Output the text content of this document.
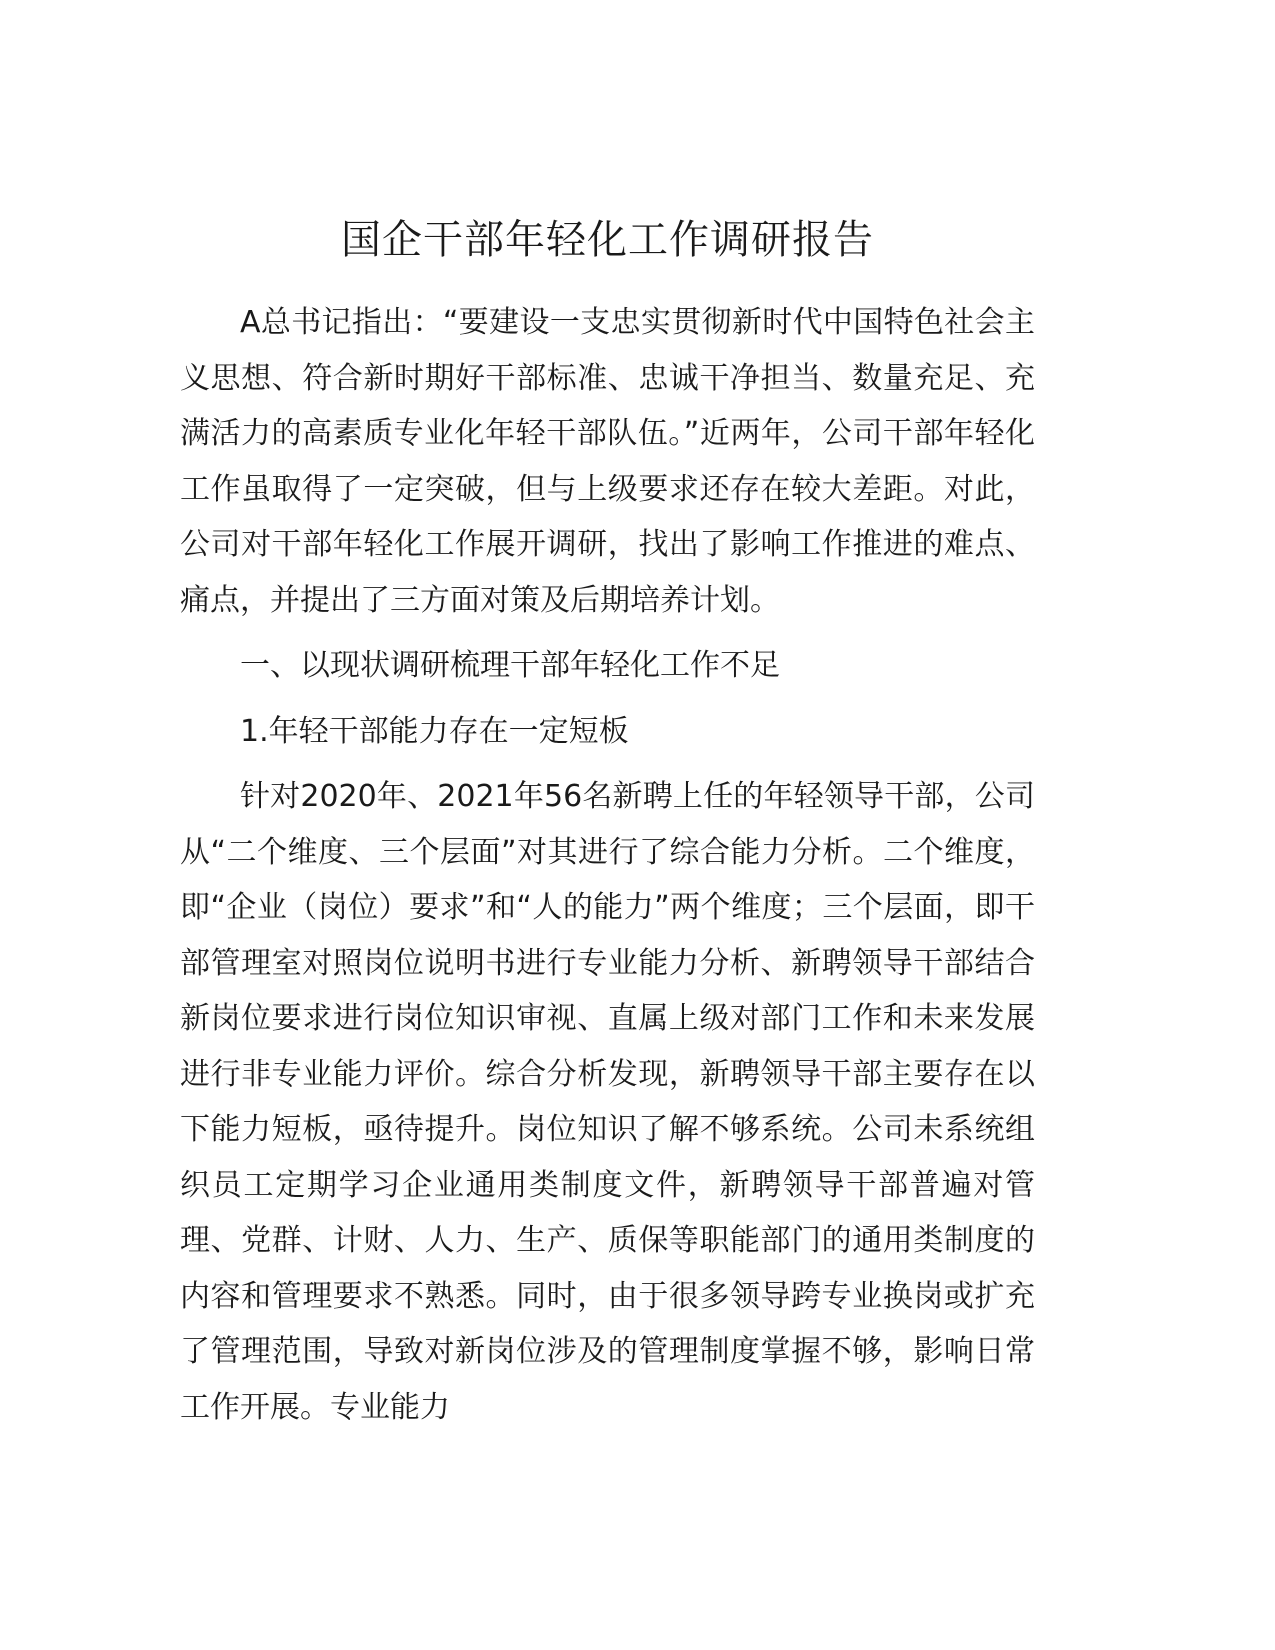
国企干部年轻化工作调研报告

A总书记指出：“要建设一支忠实贯彻新时代中国特色社会主义思想、符合新时期好干部标准、忠诚干净担当、数量充足、充满活力的高素质专业化年轻干部队伍。”近两年，公司干部年轻化工作虽取得了一定突破，但与上级要求还存在较大差距。对此，公司对干部年轻化工作展开调研，找出了影响工作推进的难点、痛点，并提出了三方面对策及后期培养计划。

一、以现状调研梳理干部年轻化工作不足

1.年轻干部能力存在一定短板

针对2020年、2021年56名新聘上任的年轻领导干部，公司从“二个维度、三个层面”对其进行了综合能力分析。二个维度，即“企业（岗位）要求”和“人的能力”两个维度；三个层面，即干部管理室对照岗位说明书进行专业能力分析、新聘领导干部结合新岗位要求进行岗位知识审视、直属上级对部门工作和未来发展进行非专业能力评价。综合分析发现，新聘领导干部主要存在以下能力短板，亟待提升。岗位知识了解不够系统。公司未系统组织员工定期学习企业通用类制度文件，新聘领导干部普遍对管理、党群、计财、人力、生产、质保等职能部门的通用类制度的内容和管理要求不熟悉。同时，由于很多领导跨专业换岗或扩充了管理范围，导致对新岗位涉及的管理制度掌握不够，影响日常工作开展。专业能力
